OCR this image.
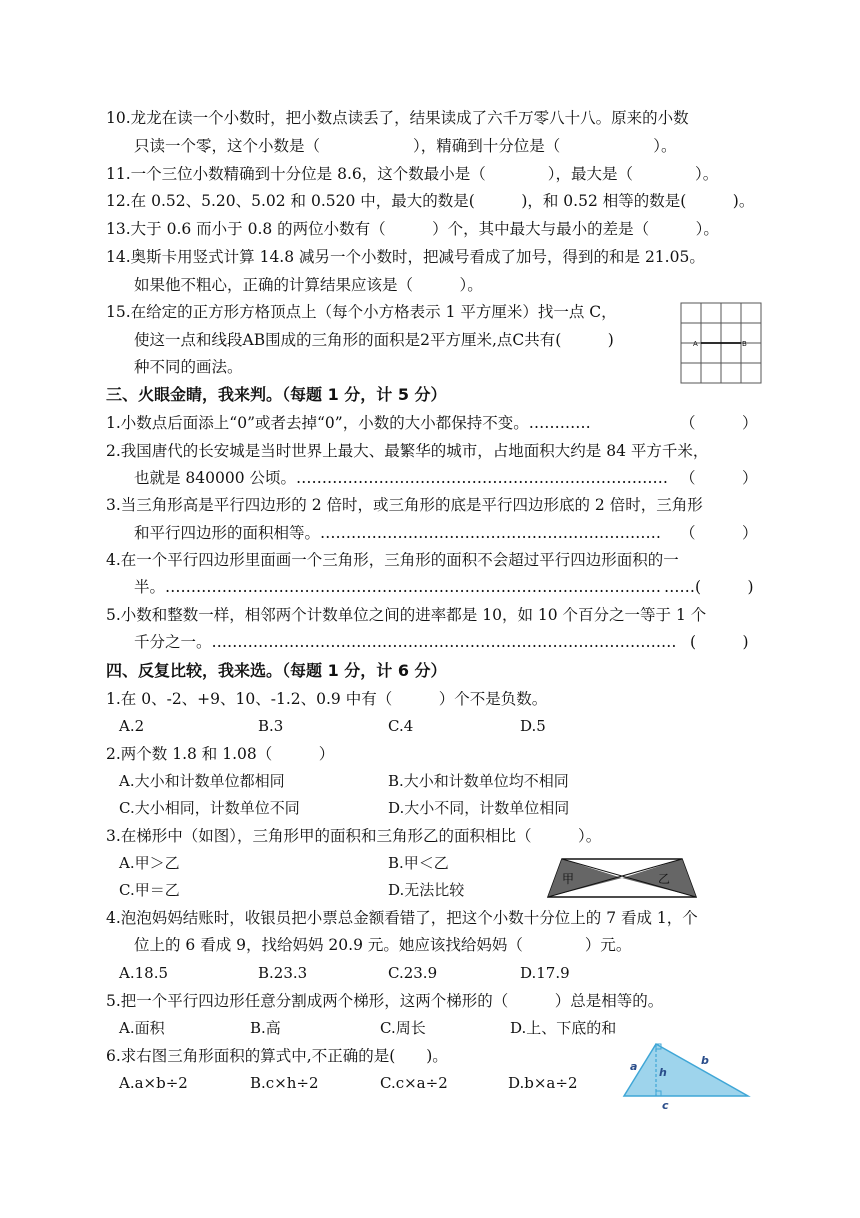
10.龙龙在读一个小数时，把小数点读丢了，结果读成了六千万零八十八。原来的小数
只读一个零，这个小数是（　　　　　　），精确到十分位是（　　　　　　）。
11.一个三位小数精确到十分位是 8.6，这个数最小是（　　　　），最大是（　　　　）。
12.在 0.52、5.20、5.02 和 0.520 中，最大的数是(　　　)，和 0.52 相等的数是(　　　)。
13.大于 0.6 而小于 0.8 的两位小数有（　　　）个，其中最大与最小的差是（　　　）。
14.奥斯卡用竖式计算 14.8 减另一个小数时，把减号看成了加号，得到的和是 21.05。
如果他不粗心，正确的计算结果应该是（　　　）。
15.在给定的正方形方格顶点上（每个小方格表示 1 平方厘米）找一点 C，
使这一点和线段AB围成的三角形的面积是2平方厘米,点C共有(　　　)
种不同的画法。
A	B
三、火眼金睛，我来判。（每题 1 分，计 5 分）
1.小数点后面添上“0”或者去掉“0”，小数的大小都保持不变。…………	（　　　）
2.我国唐代的长安城是当时世界上最大、最繁华的城市，占地面积大约是 84 平方千米，
也就是 840000 公顷。……………………………………………………………… （　　　）
3.当三角形高是平行四边形的 2 倍时，或三角形的底是平行四边形底的 2 倍时，三角形
和平行四边形的面积相等。………………………………………………………… （　　　）
4.在一个平行四边形里面画一个三角形，三角形的面积不会超过平行四边形面积的一
半。…………………………………………………………………………………… ……(　　　)
5.小数和整数一样，相邻两个计数单位之间的进率都是 10，如 10 个百分之一等于 1 个
千分之一。……………………………………………………………………………… (　　　)
四、反复比较，我来选。（每题 1 分，计 6 分）
1.在 0、-2、+9、10、-1.2、0.9 中有（　　　）个不是负数。
A.2	B.3	C.4	D.5
2.两个数 1.8 和 1.08（　　　）
A.大小和计数单位都相同	B.大小和计数单位均不相同
C.大小相同，计数单位不同	D.大小不同，计数单位相同
3.在梯形中（如图），三角形甲的面积和三角形乙的面积相比（　　　）。
A.甲＞乙	B.甲＜乙
C.甲＝乙	D.无法比较
甲	乙
4.泡泡妈妈结账时，收银员把小票总金额看错了，把这个小数十分位上的 7 看成 1，个
位上的 6 看成 9，找给妈妈 20.9 元。她应该找给妈妈（　　　　）元。
A.18.5	B.23.3	C.23.9	D.17.9
5.把一个平行四边形任意分割成两个梯形，这两个梯形的（　　　）总是相等的。
A.面积	B.高	C.周长	D.上、下底的和
6.求右图三角形面积的算式中,不正确的是(　　)。
A.a×b÷2	B.c×h÷2	C.c×a÷2	D.b×a÷2
a	b
h
c
